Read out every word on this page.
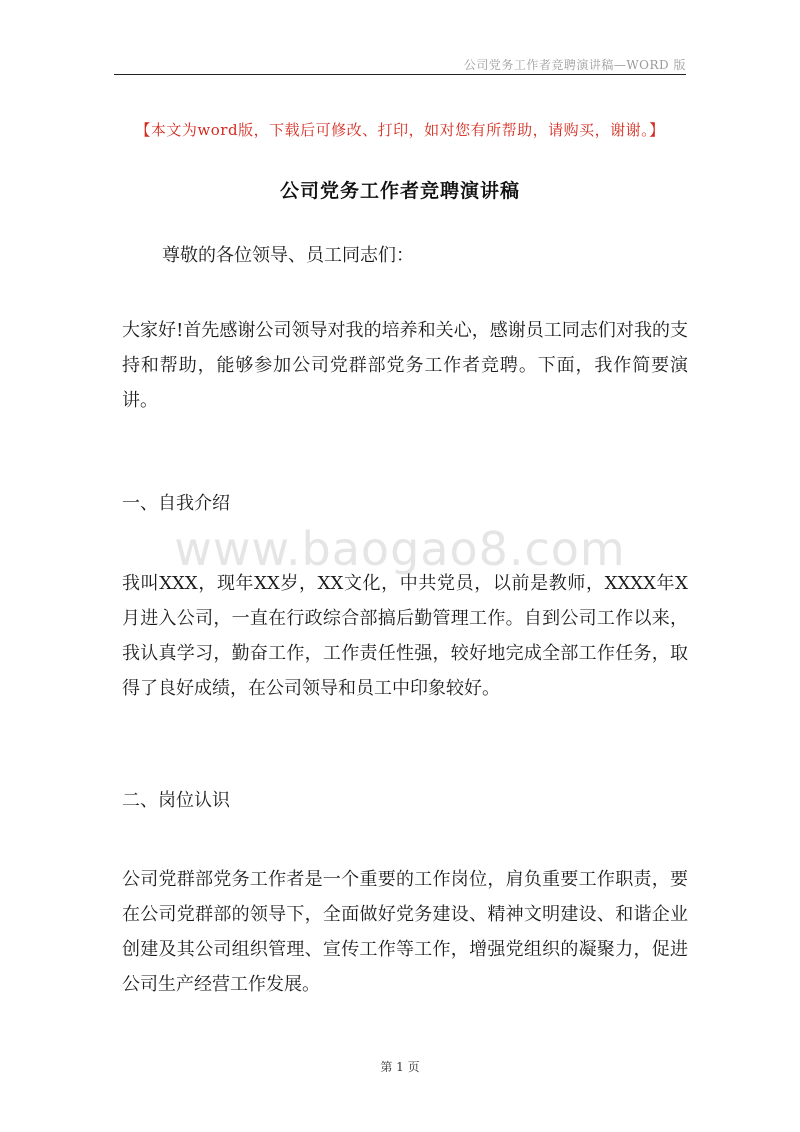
公司党务工作者竞聘演讲稿—WORD 版
【本文为word版，下载后可修改、打印，如对您有所帮助，请购买，谢谢。】
公司党务工作者竞聘演讲稿
尊敬的各位领导、员工同志们：
大家好!首先感谢公司领导对我的培养和关心，感谢员工同志们对我的支持和帮助，能够参加公司党群部党务工作者竞聘。下面，我作简要演讲。
一、自我介绍
www.baogao8.com
我叫XXX，现年XX岁，XX文化，中共党员，以前是教师，XXXX年X月进入公司，一直在行政综合部搞后勤管理工作。自到公司工作以来，我认真学习，勤奋工作，工作责任性强，较好地完成全部工作任务，取得了良好成绩，在公司领导和员工中印象较好。
二、岗位认识
公司党群部党务工作者是一个重要的工作岗位，肩负重要工作职责，要在公司党群部的领导下，全面做好党务建设、精神文明建设、和谐企业创建及其公司组织管理、宣传工作等工作，增强党组织的凝聚力，促进公司生产经营工作发展。
第 1 页
